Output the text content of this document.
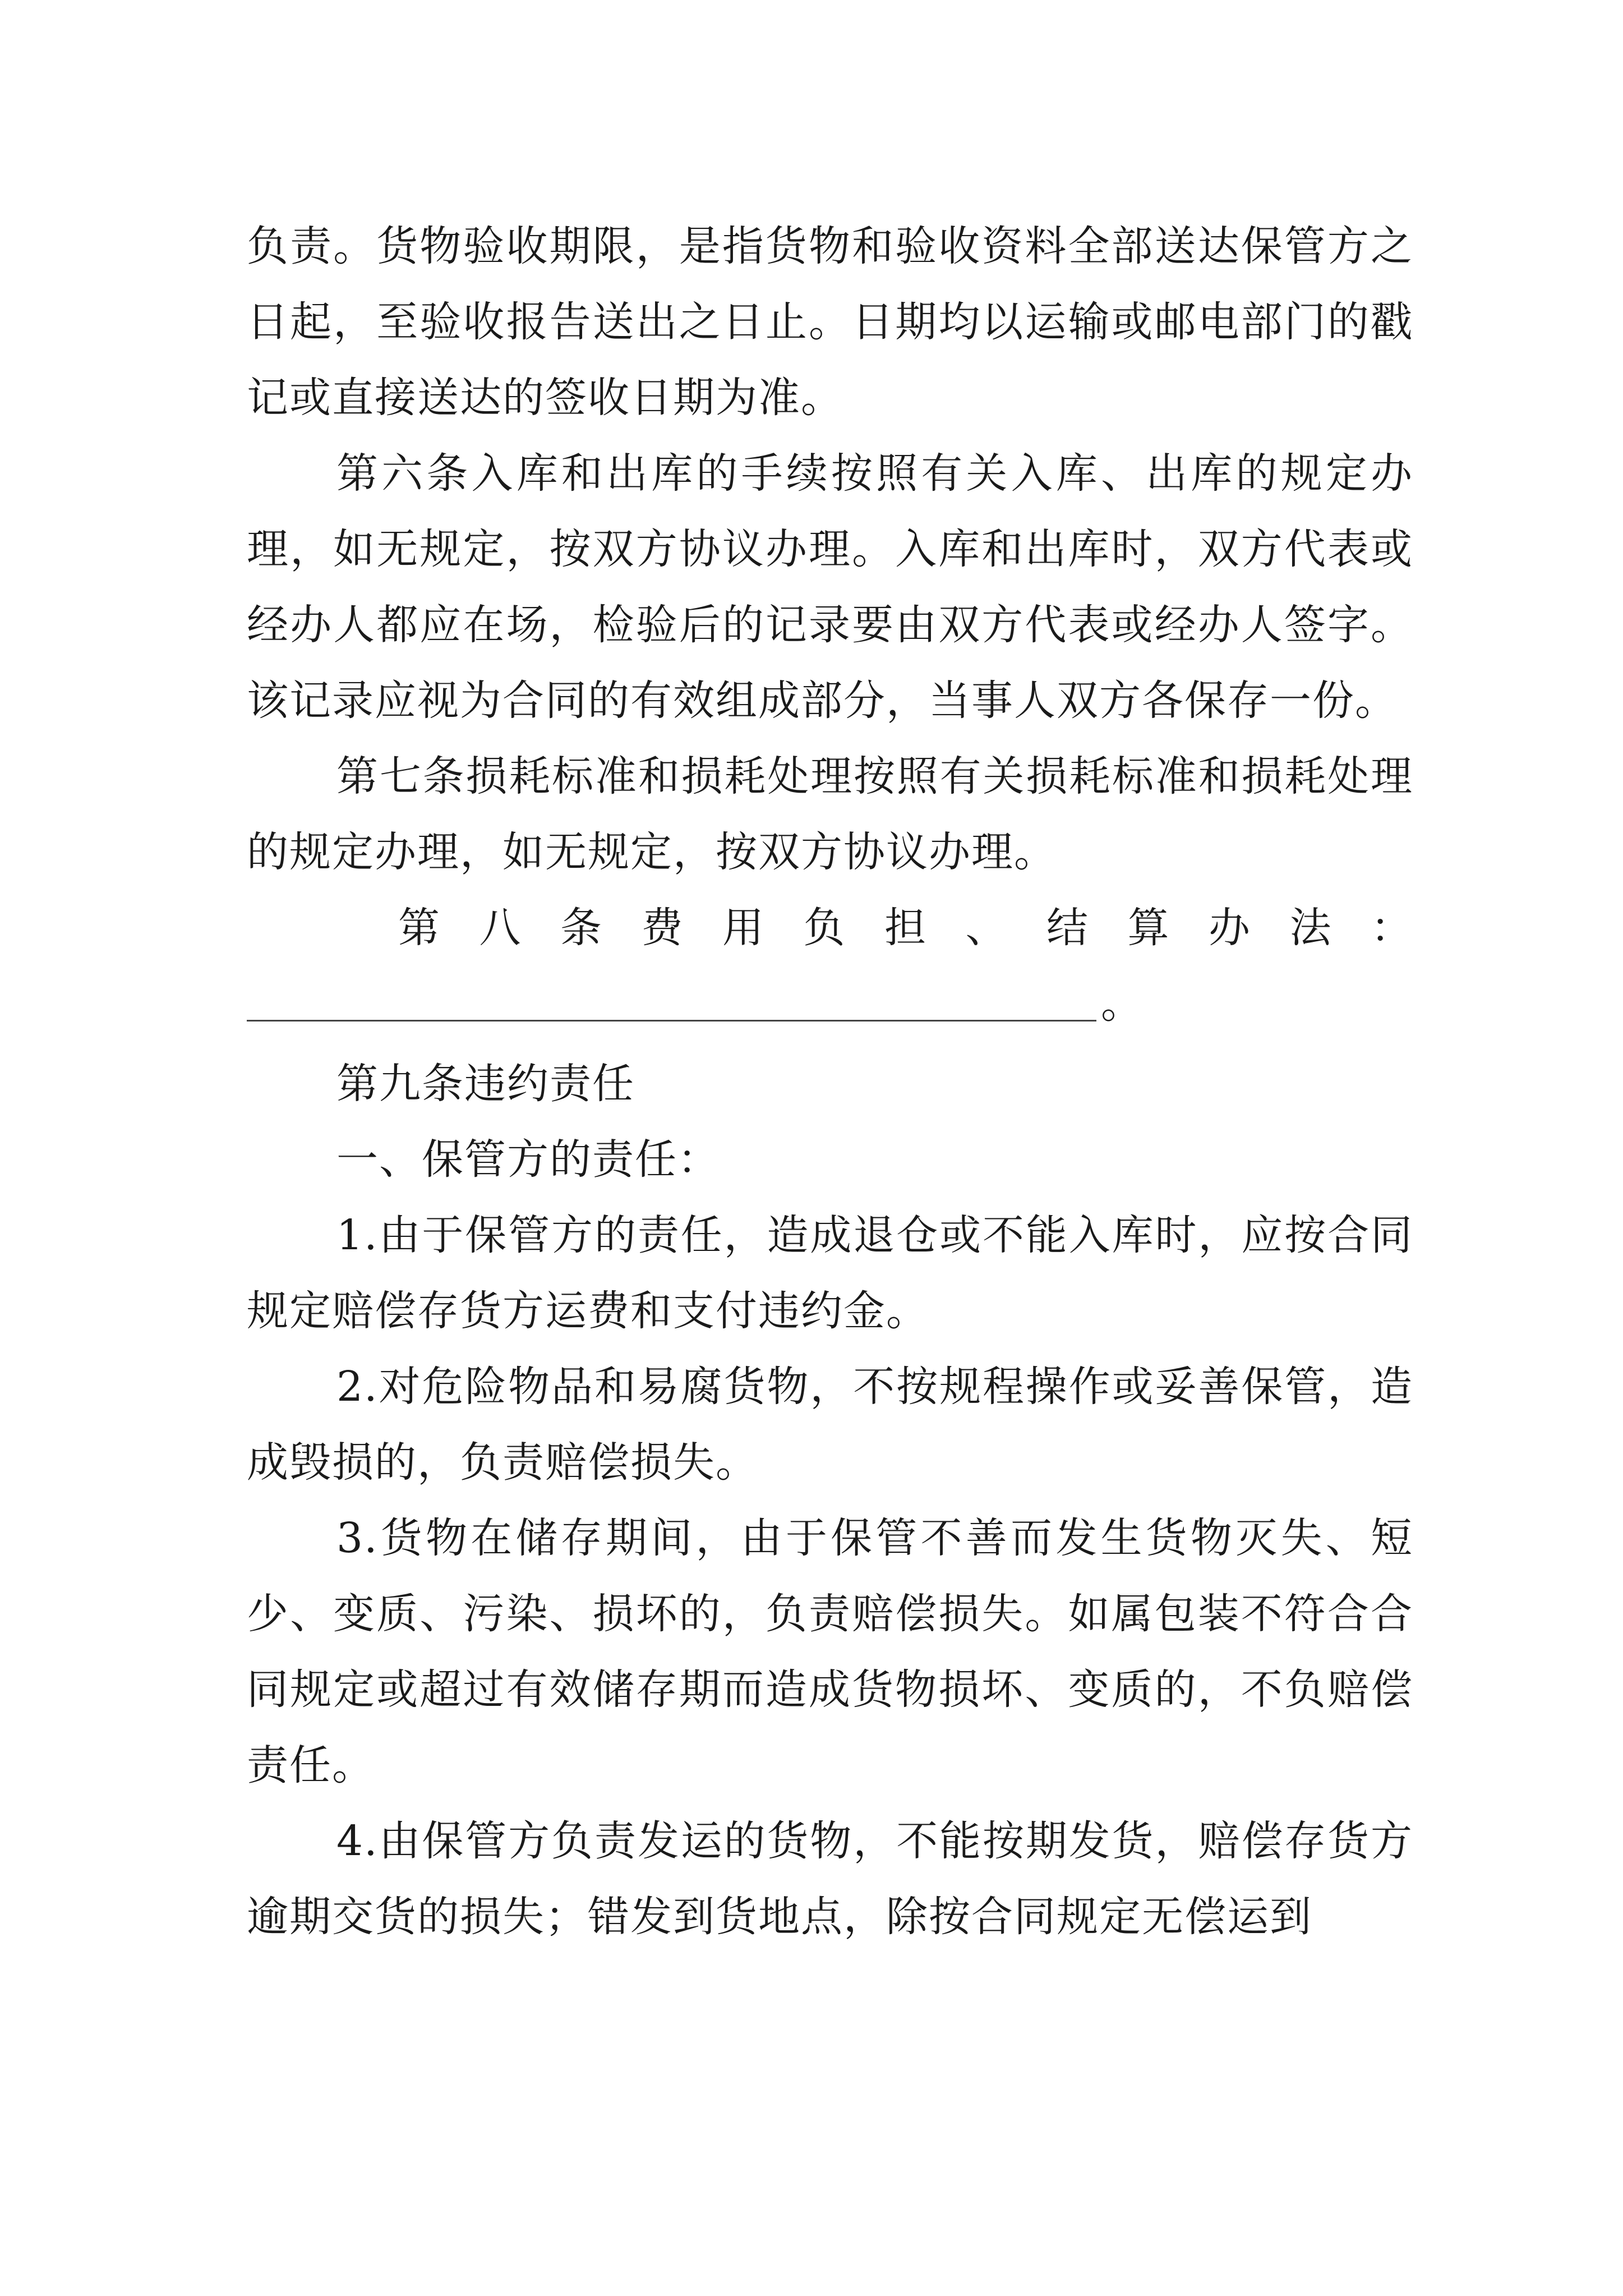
负责。货物验收期限，是指货物和验收资料全部送达保管方之日起，至验收报告送出之日止。日期均以运输或邮电部门的戳记或直接送达的签收日期为准。

第六条入库和出库的手续按照有关入库、出库的规定办理，如无规定，按双方协议办理。入库和出库时，双方代表或经办人都应在场，检验后的记录要由双方代表或经办人签字。该记录应视为合同的有效组成部分，当事人双方各保存一份。

第七条损耗标准和损耗处理按照有关损耗标准和损耗处理的规定办理，如无规定，按双方协议办理。

第 八 条 费 用 负 担 、 结 算 办 法 ：
。

第九条违约责任

一、保管方的责任：

1.由于保管方的责任，造成退仓或不能入库时，应按合同规定赔偿存货方运费和支付违约金。

2.对危险物品和易腐货物，不按规程操作或妥善保管，造成毁损的，负责赔偿损失。

3.货物在储存期间，由于保管不善而发生货物灭失、短少、变质、污染、损坏的，负责赔偿损失。如属包装不符合合同规定或超过有效储存期而造成货物损坏、变质的，不负赔偿责任。

4.由保管方负责发运的货物，不能按期发货，赔偿存货方逾期交货的损失；错发到货地点，除按合同规定无偿运到
